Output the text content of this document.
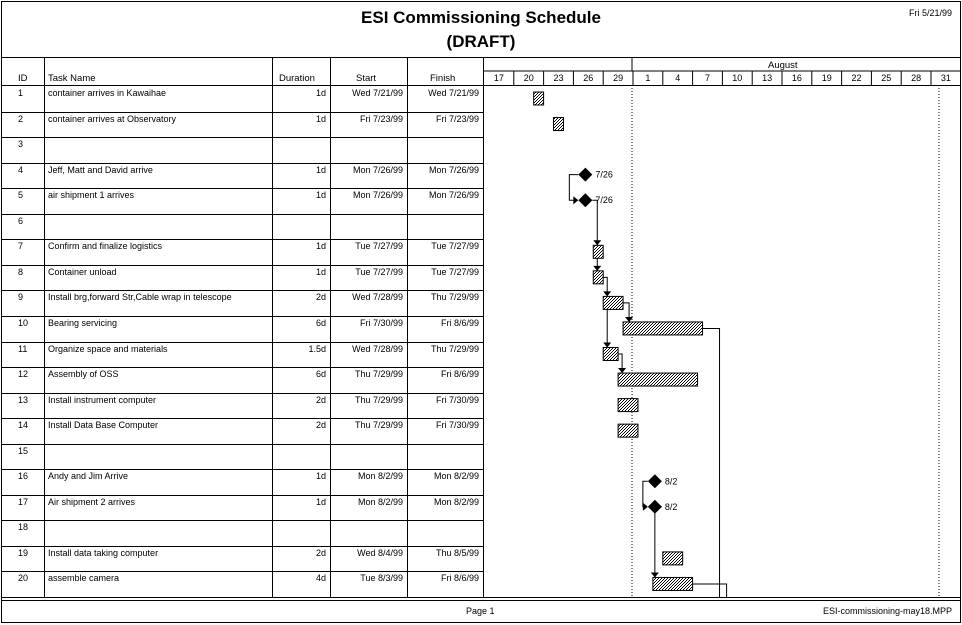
ESI Commissioning Schedule
(DRAFT)
Fri 5/21/99
ID Task Name	Duration	Start	Finish
August
1	container arrives in Kawaihae	1d	Wed 7/21/99	Wed 7/21/99
2	container arrives at Observatory	1d	Fri 7/23/99	Fri 7/23/99
3
4	Jeff, Matt and David arrive	1d	Mon 7/26/99	Mon 7/26/99
5	air shipment 1 arrives	1d	Mon 7/26/99	Mon 7/26/99
6
7	Confirm and finalize logistics	1d	Tue 7/27/99	Tue 7/27/99
8	Container unload	1d	Tue 7/27/99	Tue 7/27/99
9	Install brg,forward Str,Cable wrap in telescope	2d	Wed 7/28/99	Thu 7/29/99
10 Bearing servicing	6d	Fri 7/30/99	Fri 8/6/99
11 Organize space and materials	1.5d	Wed 7/28/99	Thu 7/29/99
12 Assembly of OSS	6d	Thu 7/29/99	Fri 8/6/99
13 Install instrument computer	2d	Thu 7/29/99	Fri 7/30/99
14 Install Data Base Computer	2d	Thu 7/29/99	Fri 7/30/99
15
16 Andy and Jim Arrive	1d	Mon 8/2/99	Mon 8/2/99
17 Air shipment 2 arrives	1d	Mon 8/2/99	Mon 8/2/99
18
19 Install data taking computer	2d	Wed 8/4/99	Thu 8/5/99
20 assemble camera	4d	Tue 8/3/99	Fri 8/6/99
17 20 23 26 29 1	4	7 10 13 16 19 22 25 28 31
7/26
7/26
8/2
8/2
Page 1	ESI-commissioning-may18.MPP
